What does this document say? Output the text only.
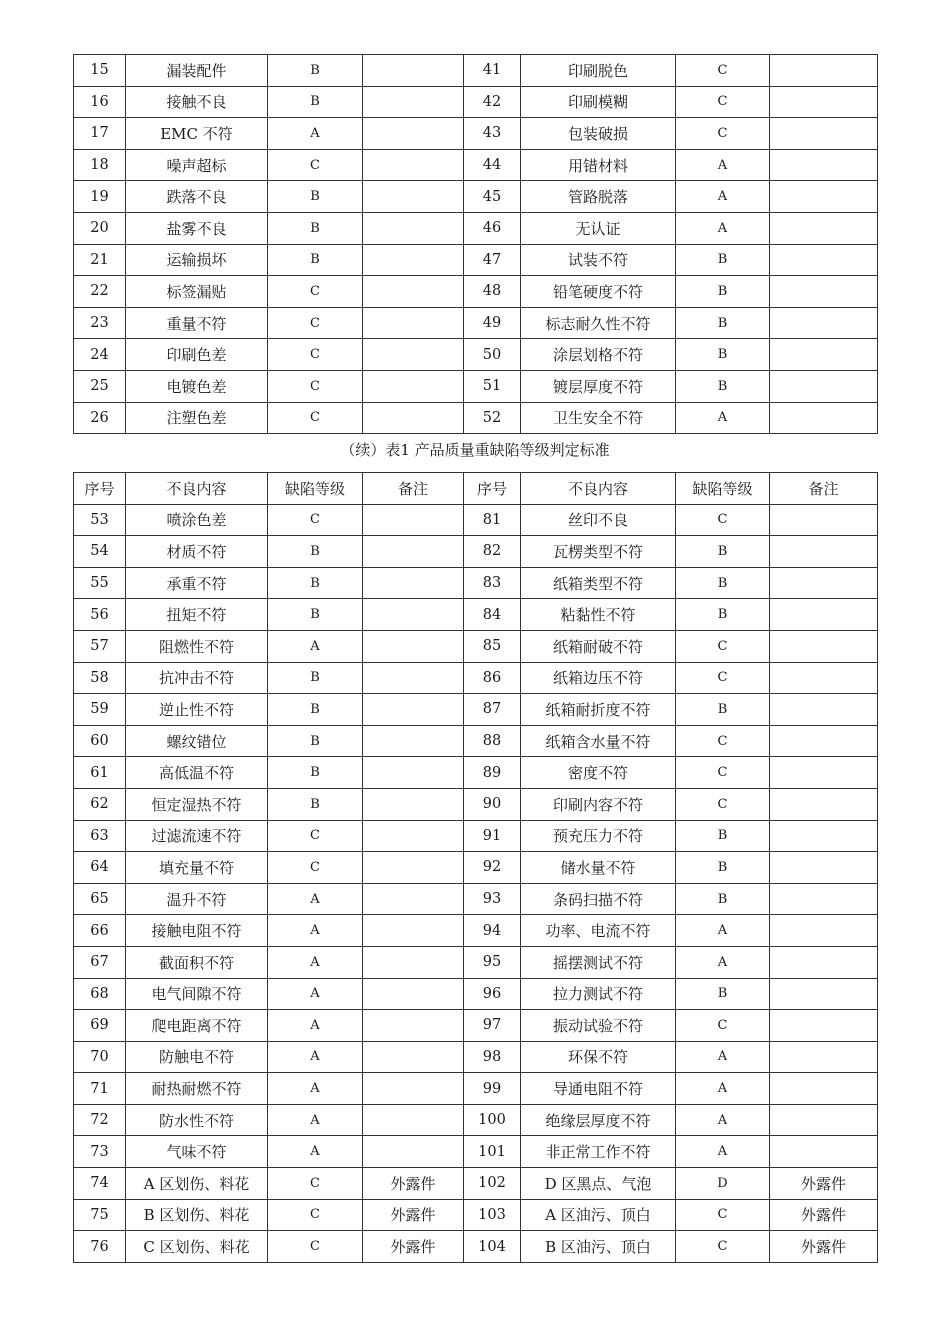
15	漏装配件	B		41	印刷脱色	C	
16	接触不良	B		42	印刷模糊	C	
17	EMC 不符	A		43	包装破损	C	
18	噪声超标	C		44	用错材料	A	
19	跌落不良	B		45	管路脱落	A	
20	盐雾不良	B		46	无认证	A	
21	运输损坏	B		47	试装不符	B	
22	标签漏贴	C		48	铅笔硬度不符	B	
23	重量不符	C		49	标志耐久性不符	B	
24	印刷色差	C		50	涂层划格不符	B	
25	电镀色差	C		51	镀层厚度不符	B	
26	注塑色差	C		52	卫生安全不符	A	
（续）表1 产品质量重缺陷等级判定标准
序号	不良内容	缺陷等级	备注	序号	不良内容	缺陷等级	备注
53	喷涂色差	C		81	丝印不良	C	
54	材质不符	B		82	瓦楞类型不符	B	
55	承重不符	B		83	纸箱类型不符	B	
56	扭矩不符	B		84	粘黏性不符	B	
57	阻燃性不符	A		85	纸箱耐破不符	C	
58	抗冲击不符	B		86	纸箱边压不符	C	
59	逆止性不符	B		87	纸箱耐折度不符	B	
60	螺纹错位	B		88	纸箱含水量不符	C	
61	高低温不符	B		89	密度不符	C	
62	恒定湿热不符	B		90	印刷内容不符	C	
63	过滤流速不符	C		91	预充压力不符	B	
64	填充量不符	C		92	储水量不符	B	
65	温升不符	A		93	条码扫描不符	B	
66	接触电阻不符	A		94	功率、电流不符	A	
67	截面积不符	A		95	摇摆测试不符	A	
68	电气间隙不符	A		96	拉力测试不符	B	
69	爬电距离不符	A		97	振动试验不符	C	
70	防触电不符	A		98	环保不符	A	
71	耐热耐燃不符	A		99	导通电阻不符	A	
72	防水性不符	A		100	绝缘层厚度不符	A	
73	气味不符	A		101	非正常工作不符	A	
74	A 区划伤、料花	C	外露件	102	D 区黑点、气泡	D	外露件
75	B 区划伤、料花	C	外露件	103	A 区油污、顶白	C	外露件
76	C 区划伤、料花	C	外露件	104	B 区油污、顶白	C	外露件
